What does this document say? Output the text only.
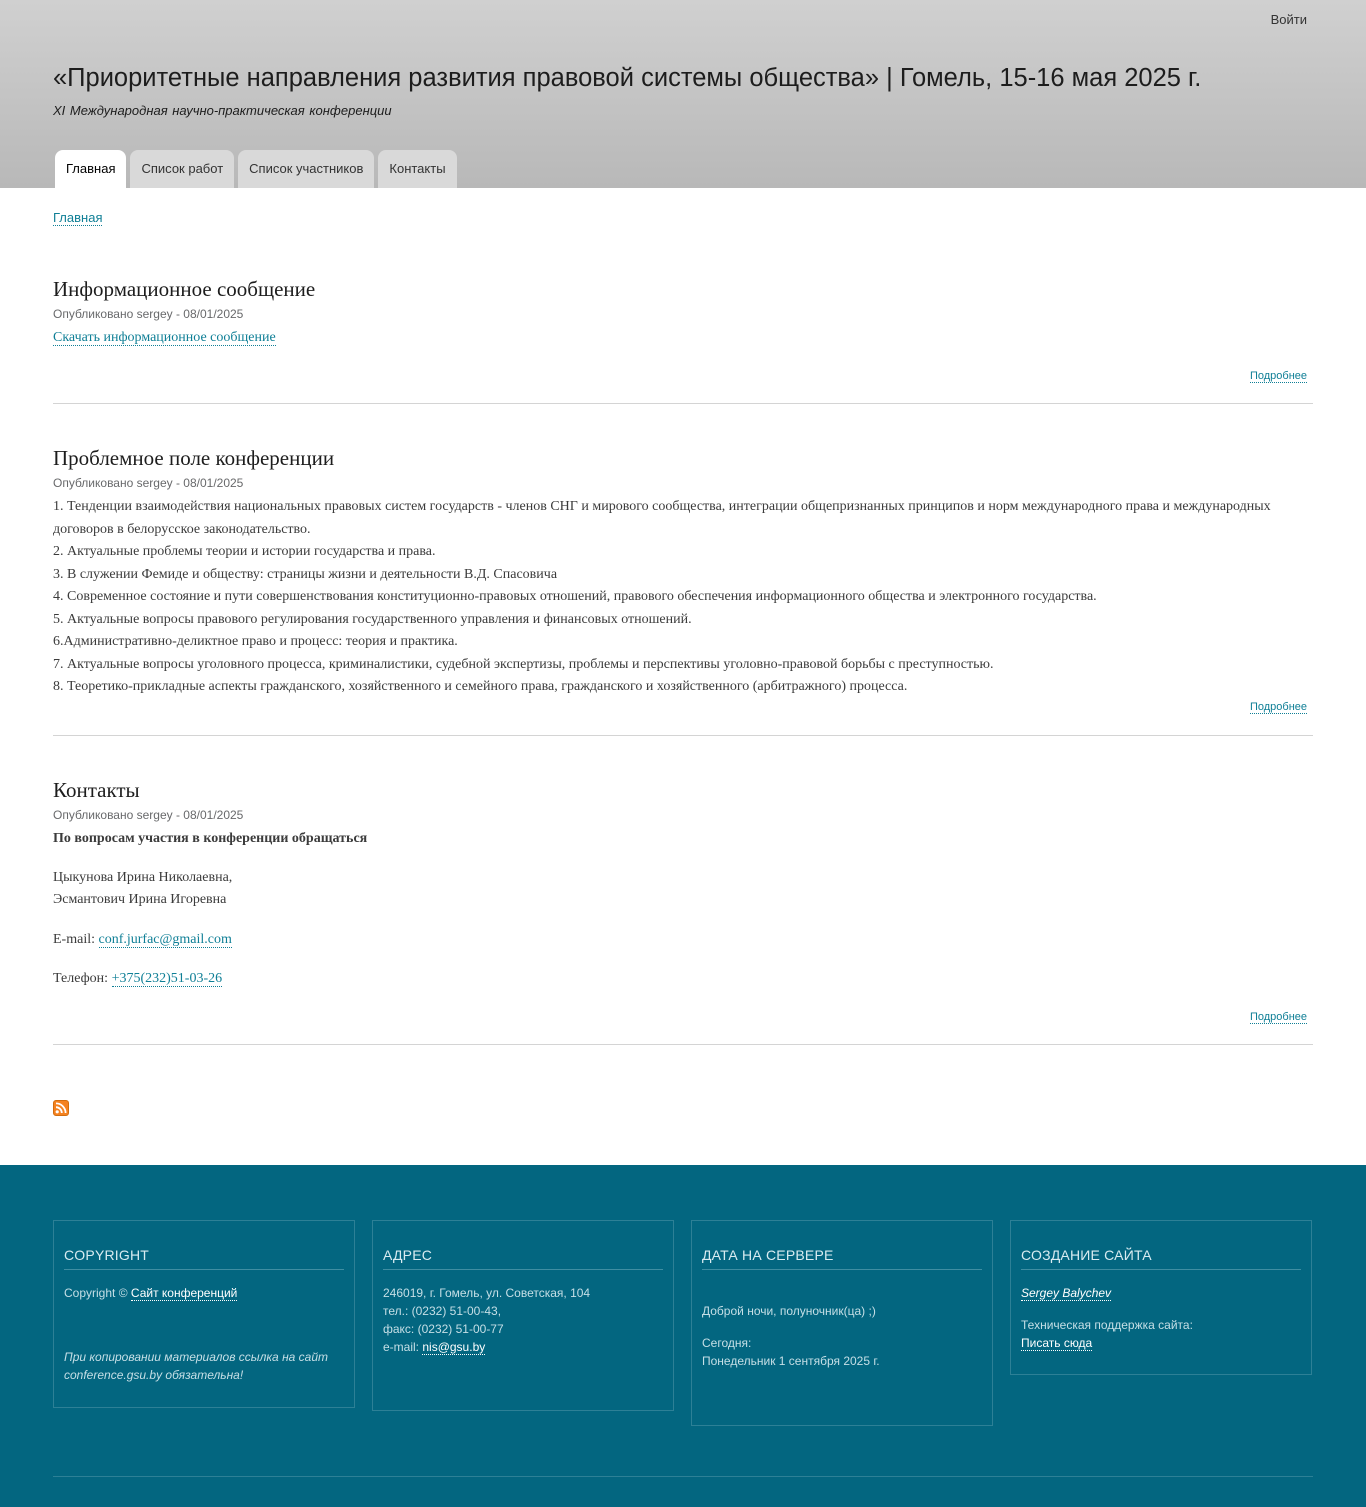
Войти
«Приоритетные направления развития правовой системы общества» | Гомель, 15-16 мая 2025 г.
XI Международная научно-практическая конференции
Главная	Список работ	Список участников	Контакты
Главная
Информационное сообщение
Опубликовано sergey - 08/01/2025
Скачать информационное сообщение
Подробнее
Проблемное поле конференции
Опубликовано sergey - 08/01/2025
1. Тенденции взаимодействия национальных правовых систем государств - членов СНГ и мирового сообщества, интеграции общепризнанных принципов и норм международного права и международных договоров в белорусское законодательство.
2. Актуальные проблемы теории и истории государства и права.
3. В служении Фемиде и обществу: страницы жизни и деятельности В.Д. Спасовича
4. Современное состояние и пути совершенствования конституционно-правовых отношений, правового обеспечения информационного общества и электронного государства.
5. Актуальные вопросы правового регулирования государственного управления и финансовых отношений.
6.Административно-деликтное право и процесс: теория и практика.
7. Актуальные вопросы уголовного процесса, криминалистики, судебной экспертизы, проблемы и перспективы уголовно-правовой борьбы с преступностью.
8. Теоретико-прикладные аспекты гражданского, хозяйственного и семейного права, гражданского и хозяйственного (арбитражного) процесса.
Подробнее
Контакты
Опубликовано sergey - 08/01/2025
По вопросам участия в конференции обращаться
Цыкунова Ирина Николаевна,
Эсмантович Ирина Игоревна
E-mail: conf.jurfac@gmail.com
Телефон: +375(232)51-03-26
Подробнее
COPYRIGHT

Copyright © Сайт конференций

При копировании материалов ссылка на сайт conference.gsu.by обязательна!

АДРЕС

246019, г. Гомель, ул. Советская, 104

тел.: (0232) 51-00-43,

факс: (0232) 51-00-77

e-mail: nis@gsu.by

ДАТА НА СЕРВЕРЕ

Доброй ночи, полуночник(ца) ;)

Сегодня:

Понедельник 1 сентября 2025 г.

СОЗДАНИЕ САЙТА

Sergey Balychev

Техническая поддержка сайта:

Писать сюда
